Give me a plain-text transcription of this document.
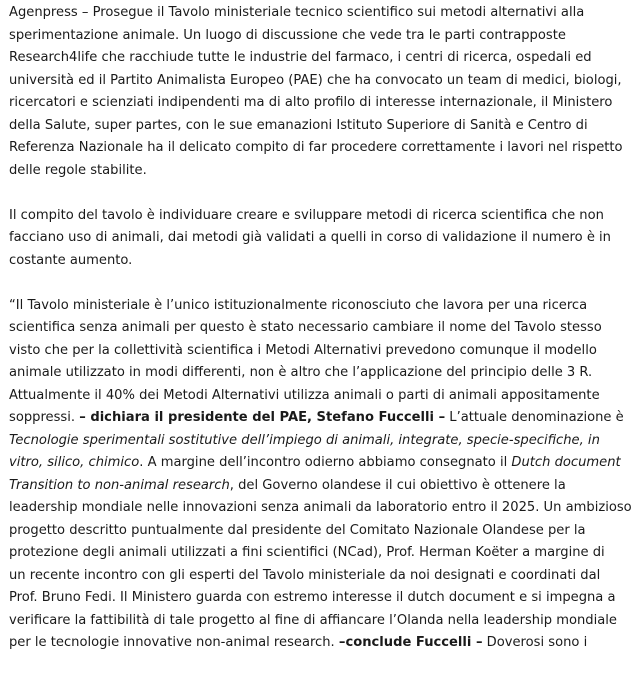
Agenpress – Prosegue il Tavolo ministeriale tecnico scientifico sui metodi alternativi alla
sperimentazione animale. Un luogo di discussione che vede tra le parti contrapposte
Research4life che racchiude tutte le industrie del farmaco, i centri di ricerca, ospedali ed
università ed il Partito Animalista Europeo (PAE) che ha convocato un team di medici, biologi,
ricercatori e scienziati indipendenti ma di alto profilo di interesse internazionale, il Ministero
della Salute, super partes, con le sue emanazioni Istituto Superiore di Sanità e Centro di
Referenza Nazionale ha il delicato compito di far procedere correttamente i lavori nel rispetto
delle regole stabilite.
Il compito del tavolo è individuare creare e sviluppare metodi di ricerca scientifica che non
facciano uso di animali, dai metodi già validati a quelli in corso di validazione il numero è in
costante aumento.
“Il Tavolo ministeriale è l’unico istituzionalmente riconosciuto che lavora per una ricerca
scientifica senza animali per questo è stato necessario cambiare il nome del Tavolo stesso
visto che per la collettività scientifica i Metodi Alternativi prevedono comunque il modello
animale utilizzato in modi differenti, non è altro che l’applicazione del principio delle 3 R.
Attualmente il 40% dei Metodi Alternativi utilizza animali o parti di animali appositamente
soppressi. – dichiara il presidente del PAE, Stefano Fuccelli – L’attuale denominazione è
Tecnologie sperimentali sostitutive dell’impiego di animali, integrate, specie-specifiche, in
vitro, silico, chimico. A margine dell’incontro odierno abbiamo consegnato il Dutch document
Transition to non-animal research, del Governo olandese il cui obiettivo è ottenere la
leadership mondiale nelle innovazioni senza animali da laboratorio entro il 2025. Un ambizioso
progetto descritto puntualmente dal presidente del Comitato Nazionale Olandese per la
protezione degli animali utilizzati a fini scientifici (NCad), Prof. Herman Koëter a margine di
un recente incontro con gli esperti del Tavolo ministeriale da noi designati e coordinati dal
Prof. Bruno Fedi. Il Ministero guarda con estremo interesse il dutch document e si impegna a
verificare la fattibilità di tale progetto al fine di affiancare l’Olanda nella leadership mondiale
per le tecnologie innovative non-animal research. –conclude Fuccelli – Doverosi sono i
